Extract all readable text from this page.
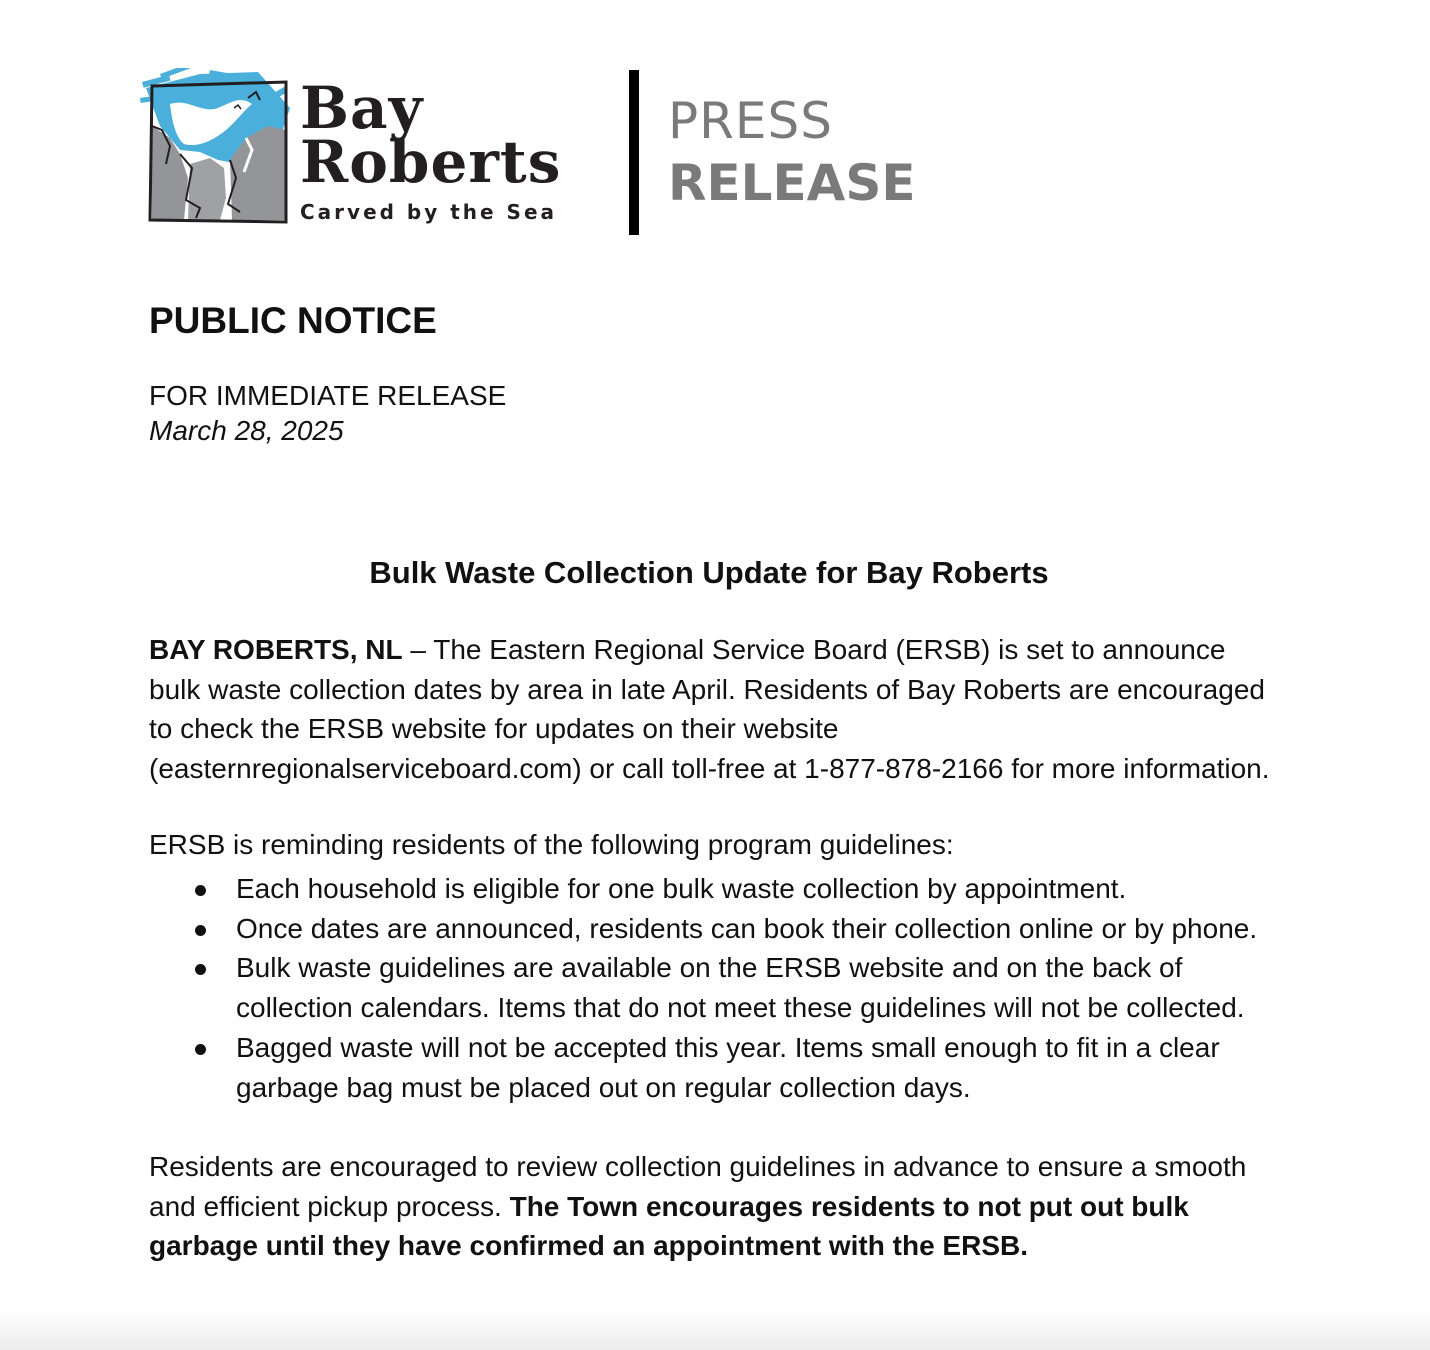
Bay
Roberts
Carved by the Sea
PRESS
RELEASE
PUBLIC NOTICE
FOR IMMEDIATE RELEASE
March 28, 2025
Bulk Waste Collection Update for Bay Roberts
BAY ROBERTS, NL – The Eastern Regional Service Board (ERSB) is set to announce bulk waste collection dates by area in late April. Residents of Bay Roberts are encouraged to check the ERSB website for updates on their website (easternregionalserviceboard.com) or call toll-free at 1-877-878-2166 for more information.
ERSB is reminding residents of the following program guidelines:
Each household is eligible for one bulk waste collection by appointment.
Once dates are announced, residents can book their collection online or by phone.
Bulk waste guidelines are available on the ERSB website and on the back of collection calendars. Items that do not meet these guidelines will not be collected.
Bagged waste will not be accepted this year. Items small enough to fit in a clear garbage bag must be placed out on regular collection days.
Residents are encouraged to review collection guidelines in advance to ensure a smooth and efficient pickup process. The Town encourages residents to not put out bulk garbage until they have confirmed an appointment with the ERSB.
